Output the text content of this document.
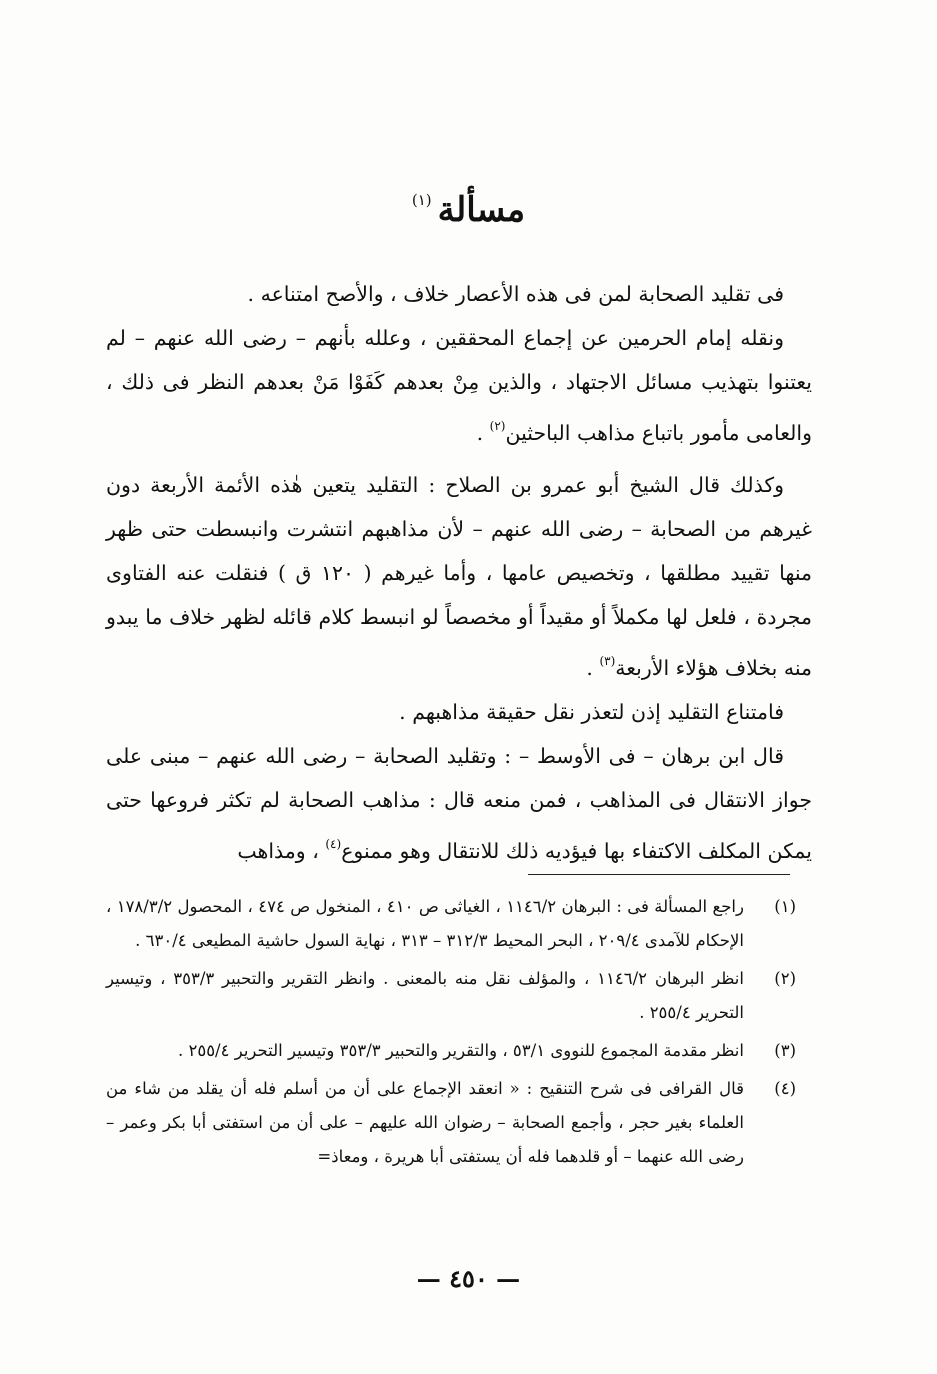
مسألة$^{(١)}$

فى تقليد الصحابة لمن فى هذه الأعصار خلاف ، والأصح امتناعه .

ونقله إمام الحرمين عن إجماع المحققين ، وعلله بأنهم – رضى الله عنهم – لم يعتنوا بتهذيب مسائل الاجتهاد ، والذين مِنْ بعدهم كَفَوْا مَنْ بعدهم النظر فى ذلك ، والعامى مأمور باتباع مذاهب الباحثين$^{(٢)}$ .

وكذلك قال الشيخ أبو عمرو بن الصلاح : التقليد يتعين هٰذه الأئمة الأربعة دون غيرهم من الصحابة – رضى الله عنهم – لأن مذاهبهم انتشرت وانبسطت حتى ظهر منها تقييد مطلقها ، وتخصيص عامها ، وأما غيرهم ( ١٢٠ ق ) فنقلت عنه الفتاوى مجردة ، فلعل لها مكملاً أو مقيداً أو مخصصاً لو انبسط كلام قائله لظهر خلاف ما يبدو منه بخلاف هؤلاء الأربعة$^{(٣)}$ .

فامتناع التقليد إذن لتعذر نقل حقيقة مذاهبهم .

قال ابن برهان – فى الأوسط – : وتقليد الصحابة – رضى الله عنهم – مبنى على جواز الانتقال فى المذاهب ، فمن منعه قال : مذاهب الصحابة لم تكثر فروعها حتى يمكن المكلف الاكتفاء بها فيؤديه ذلك للانتقال وهو ممنوع$^{(٤)}$ ، ومذاهب

(١)
راجع المسألة فى : البرهان ١١٤٦/٢ ، الغياثى ص ٤١٠ ، المنخول ص ٤٧٤ ، المحصول ١٧٨/٣/٢ ، الإحكام للآمدى ٢٠٩/٤ ، البحر المحيط ٣١٢/٣ – ٣١٣ ، نهاية السول حاشية المطيعى ٦٣٠/٤ .
(٢)
انظر البرهان ١١٤٦/٢ ، والمؤلف نقل منه بالمعنى . وانظر التقرير والتحبير ٣٥٣/٣ ، وتيسير التحرير ٢٥٥/٤ .
(٣)
انظر مقدمة المجموع للنووى ٥٣/١ ، والتقرير والتحبير ٣٥٣/٣ وتيسير التحرير ٢٥٥/٤ .
(٤)
قال القرافى فى شرح التنقيح : « انعقد الإجماع على أن من أسلم فله أن يقلد من شاء من العلماء بغير حجر ، وأجمع الصحابة – رضوان الله عليهم – على أن من استفتى أبا بكر وعمر – رضى الله عنهما – أو قلدهما فله أن يستفتى أبا هريرة ، ومعاذ=
— ٤٥٠ —
